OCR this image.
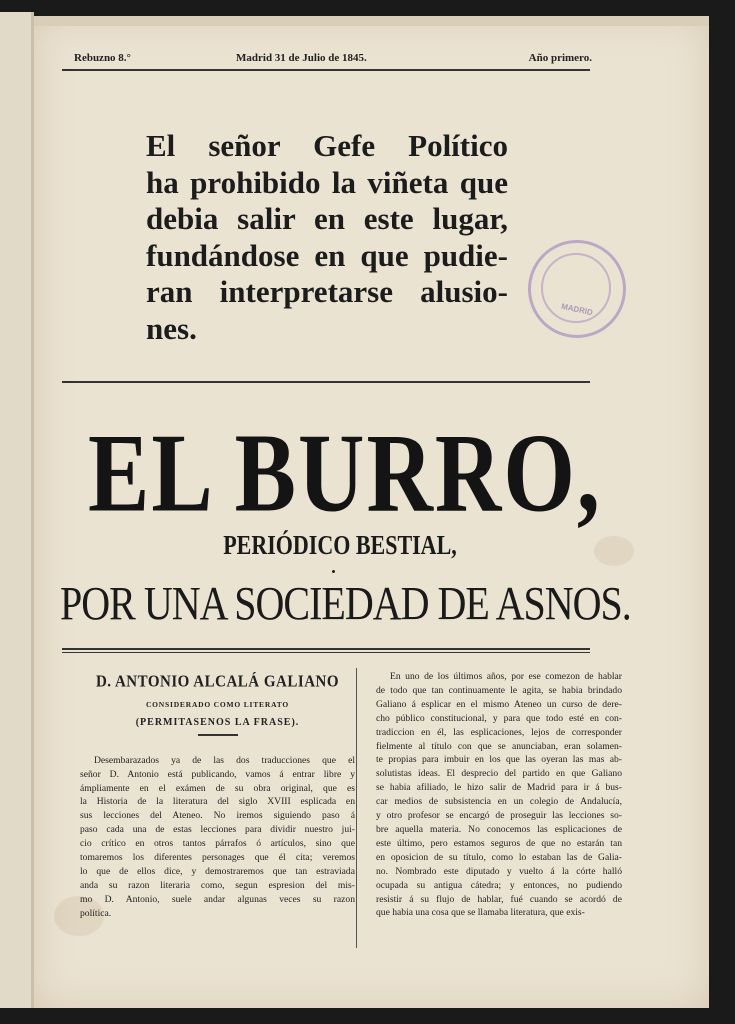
Rebuzno 8.°	Madrid 31 de Julio de 1845.	Año primero.
El señor Gefe Político
ha prohibido la viñeta que
debia salir en este lugar,
fundándose en que pudie-
ran interpretarse alusio-
nes.
MADRID
EL BURRO,
PERIÓDICO BESTIAL,
POR UNA SOCIEDAD DE ASNOS.
D. ANTONIO ALCALÁ GALIANO
CONSIDERADO COMO LITERATO
(PERMITASENOS LA FRASE).
Desembarazados ya de las dos traducciones que el
señor D. Antonio está publicando, vamos á entrar libre y
ámpliamente en el exámen de su obra original, que es
la Historia de la literatura del siglo XVIII esplicada en
sus lecciones del Ateneo. No iremos siguiendo paso á
paso cada una de estas lecciones para dividir nuestro jui-
cio crítico en otros tantos párrafos ó artículos, sino que
tomaremos los diferentes personages que él cita; veremos
lo que de ellos dice, y demostraremos que tan estraviada
anda su razon literaria como, segun espresion del mis-
mo D. Antonio, suele andar algunas veces su razon
política.
En uno de los últimos años, por ese comezon de hablar
de todo que tan continuamente le agita, se habia brindado
Galiano á esplicar en el mismo Ateneo un curso de dere-
cho público constitucional, y para que todo esté en con-
tradiccion en él, las esplicaciones, lejos de corresponder
fielmente al título con que se anunciaban, eran solamen-
te propias para imbuir en los que las oyeran las mas ab-
solutistas ideas. El desprecio del partido en que Galiano
se habia afiliado, le hizo salir de Madrid para ir á bus-
car medios de subsistencia en un colegio de Andalucía,
y otro profesor se encargó de proseguir las lecciones so-
bre aquella materia. No conocemos las esplicaciones de
este último, pero estamos seguros de que no estarán tan
en oposicion de su título, como lo estaban las de Galia-
no. Nombrado este diputado y vuelto á la córte halló
ocupada su antigua cátedra; y entonces, no pudiendo
resistir á su flujo de hablar, fué cuando se acordó de
que habia una cosa que se llamaba literatura, que exis-
